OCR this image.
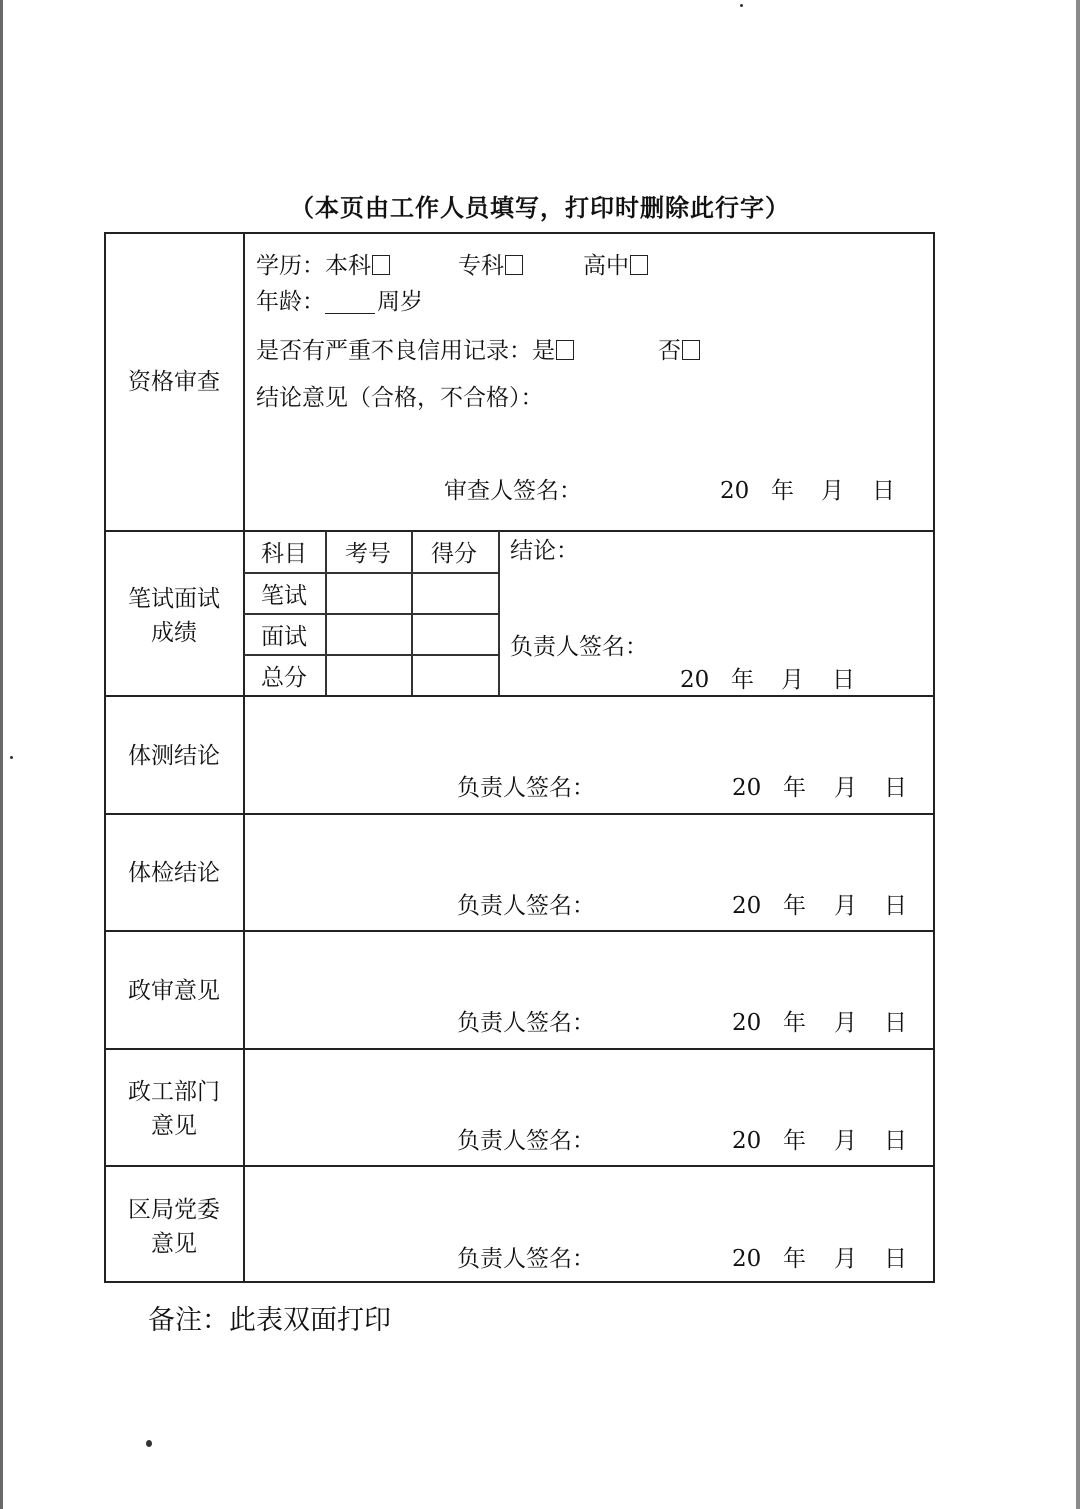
（本页由工作人员填写，打印时删除此行字）
资格审查
学历：本科	专科	高中
年龄： 周岁
是否有严重不良信用记录：是	否
结论意见（合格，不合格）：
审查人签名：	20 年 月 日
笔试面试
成绩
科目 考号 得分
笔试
面试
总分
结论：
负责人签名：
20 年 月 日
体测结论
负责人签名：	20 年 月 日
体检结论
负责人签名：	20 年 月 日
政审意见
负责人签名：	20 年 月 日
政工部门
意见
负责人签名：	20 年 月 日
区局党委
意见
负责人签名：	20 年 月 日
备注：此表双面打印
